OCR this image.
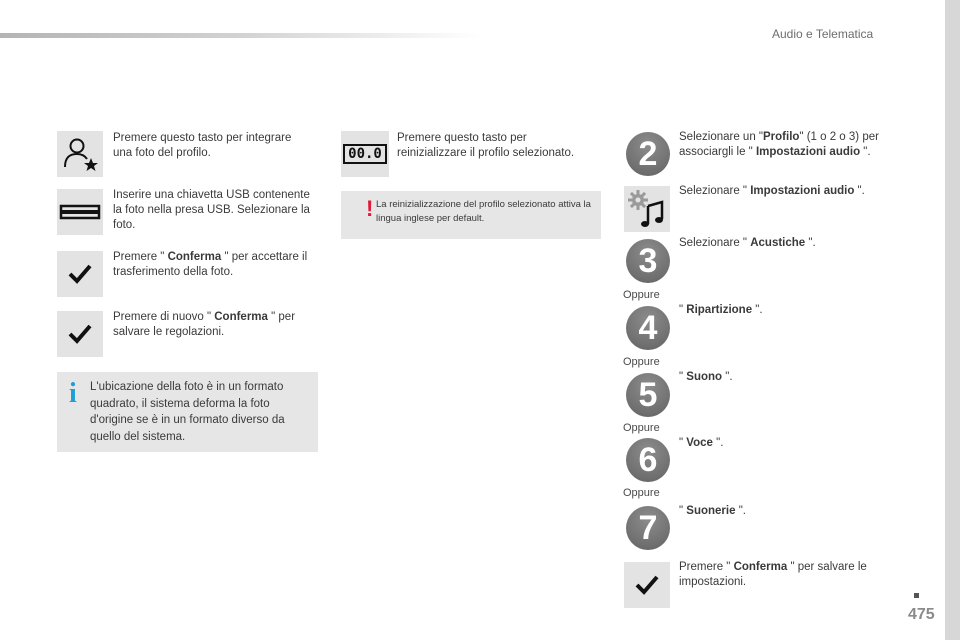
Audio e Telematica
Premere questo tasto per integrare una foto del profilo.
Inserire una chiavetta USB contenente la foto nella presa USB. Selezionare la foto.
Premere " Conferma " per accettare il trasferimento della foto.
Premere di nuovo " Conferma " per salvare le regolazioni.
i L'ubicazione della foto è in un formato quadrato, il sistema deforma la foto d'origine se è in un formato diverso da quello del sistema.
00.0
Premere questo tasto per reinizializzare il profilo selezionato.
! La reinizializzazione del profilo selezionato attiva la lingua inglese per default.
2	Selezionare un "Profilo" (1 o 2 o 3) per associargli le " Impostazioni audio ".
Selezionare " Impostazioni audio ".
3	Selezionare " Acustiche ".
Oppure
4	" Ripartizione ".
Oppure
5	" Suono ".
Oppure
6	" Voce ".
Oppure
7	" Suonerie ".
Premere " Conferma " per salvare le impostazioni.
475
